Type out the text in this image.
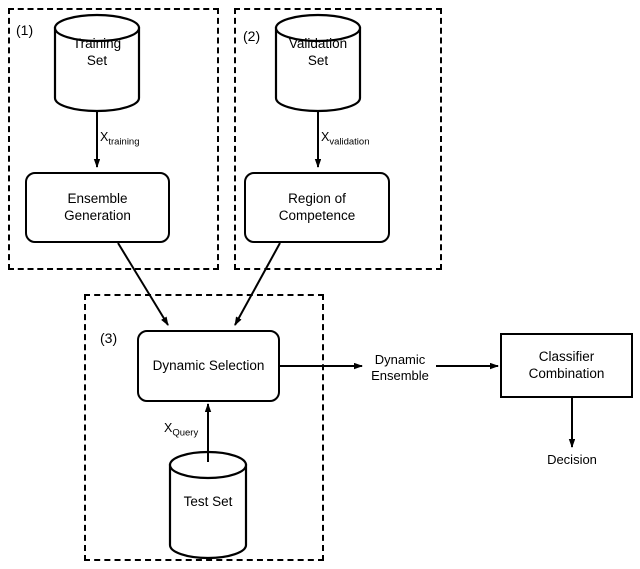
(1)	(2)
(3)
Training
Set
Validation
Set
Test Set
Ensemble
Generation
Region of
Competence
Dynamic Selection
Classifier
Combination
$X_{training}$	$X_{validation}$
$X_{Query}$
Dynamic
Ensemble
Decision
